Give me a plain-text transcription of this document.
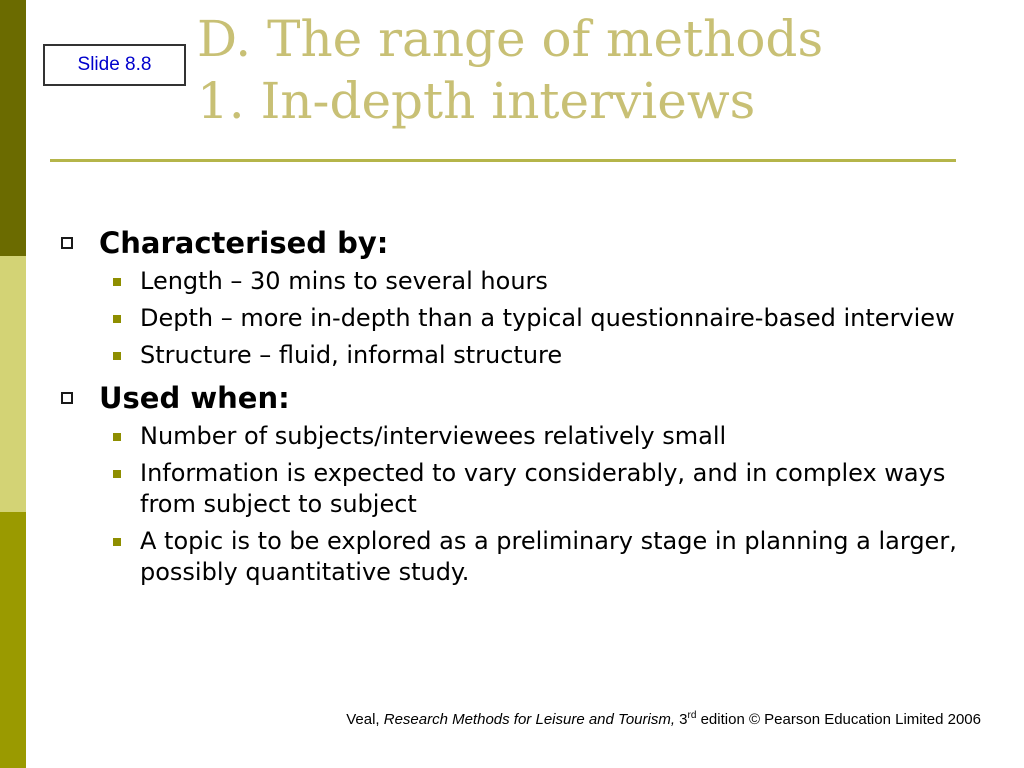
Slide 8.8 D. The range of methods
1. In-depth interviews
Characterised by:
Length – 30 mins to several hours
Depth – more in-depth than a typical questionnaire-based interview
Structure – fluid, informal structure
Used when:
Number of subjects/interviewees relatively small
Information is expected to vary considerably, and in complex ways from subject to subject
A topic is to be explored as a preliminary stage in planning a larger, possibly quantitative study.
Veal, Research Methods for Leisure and Tourism, 3rd edition © Pearson Education Limited 2006
